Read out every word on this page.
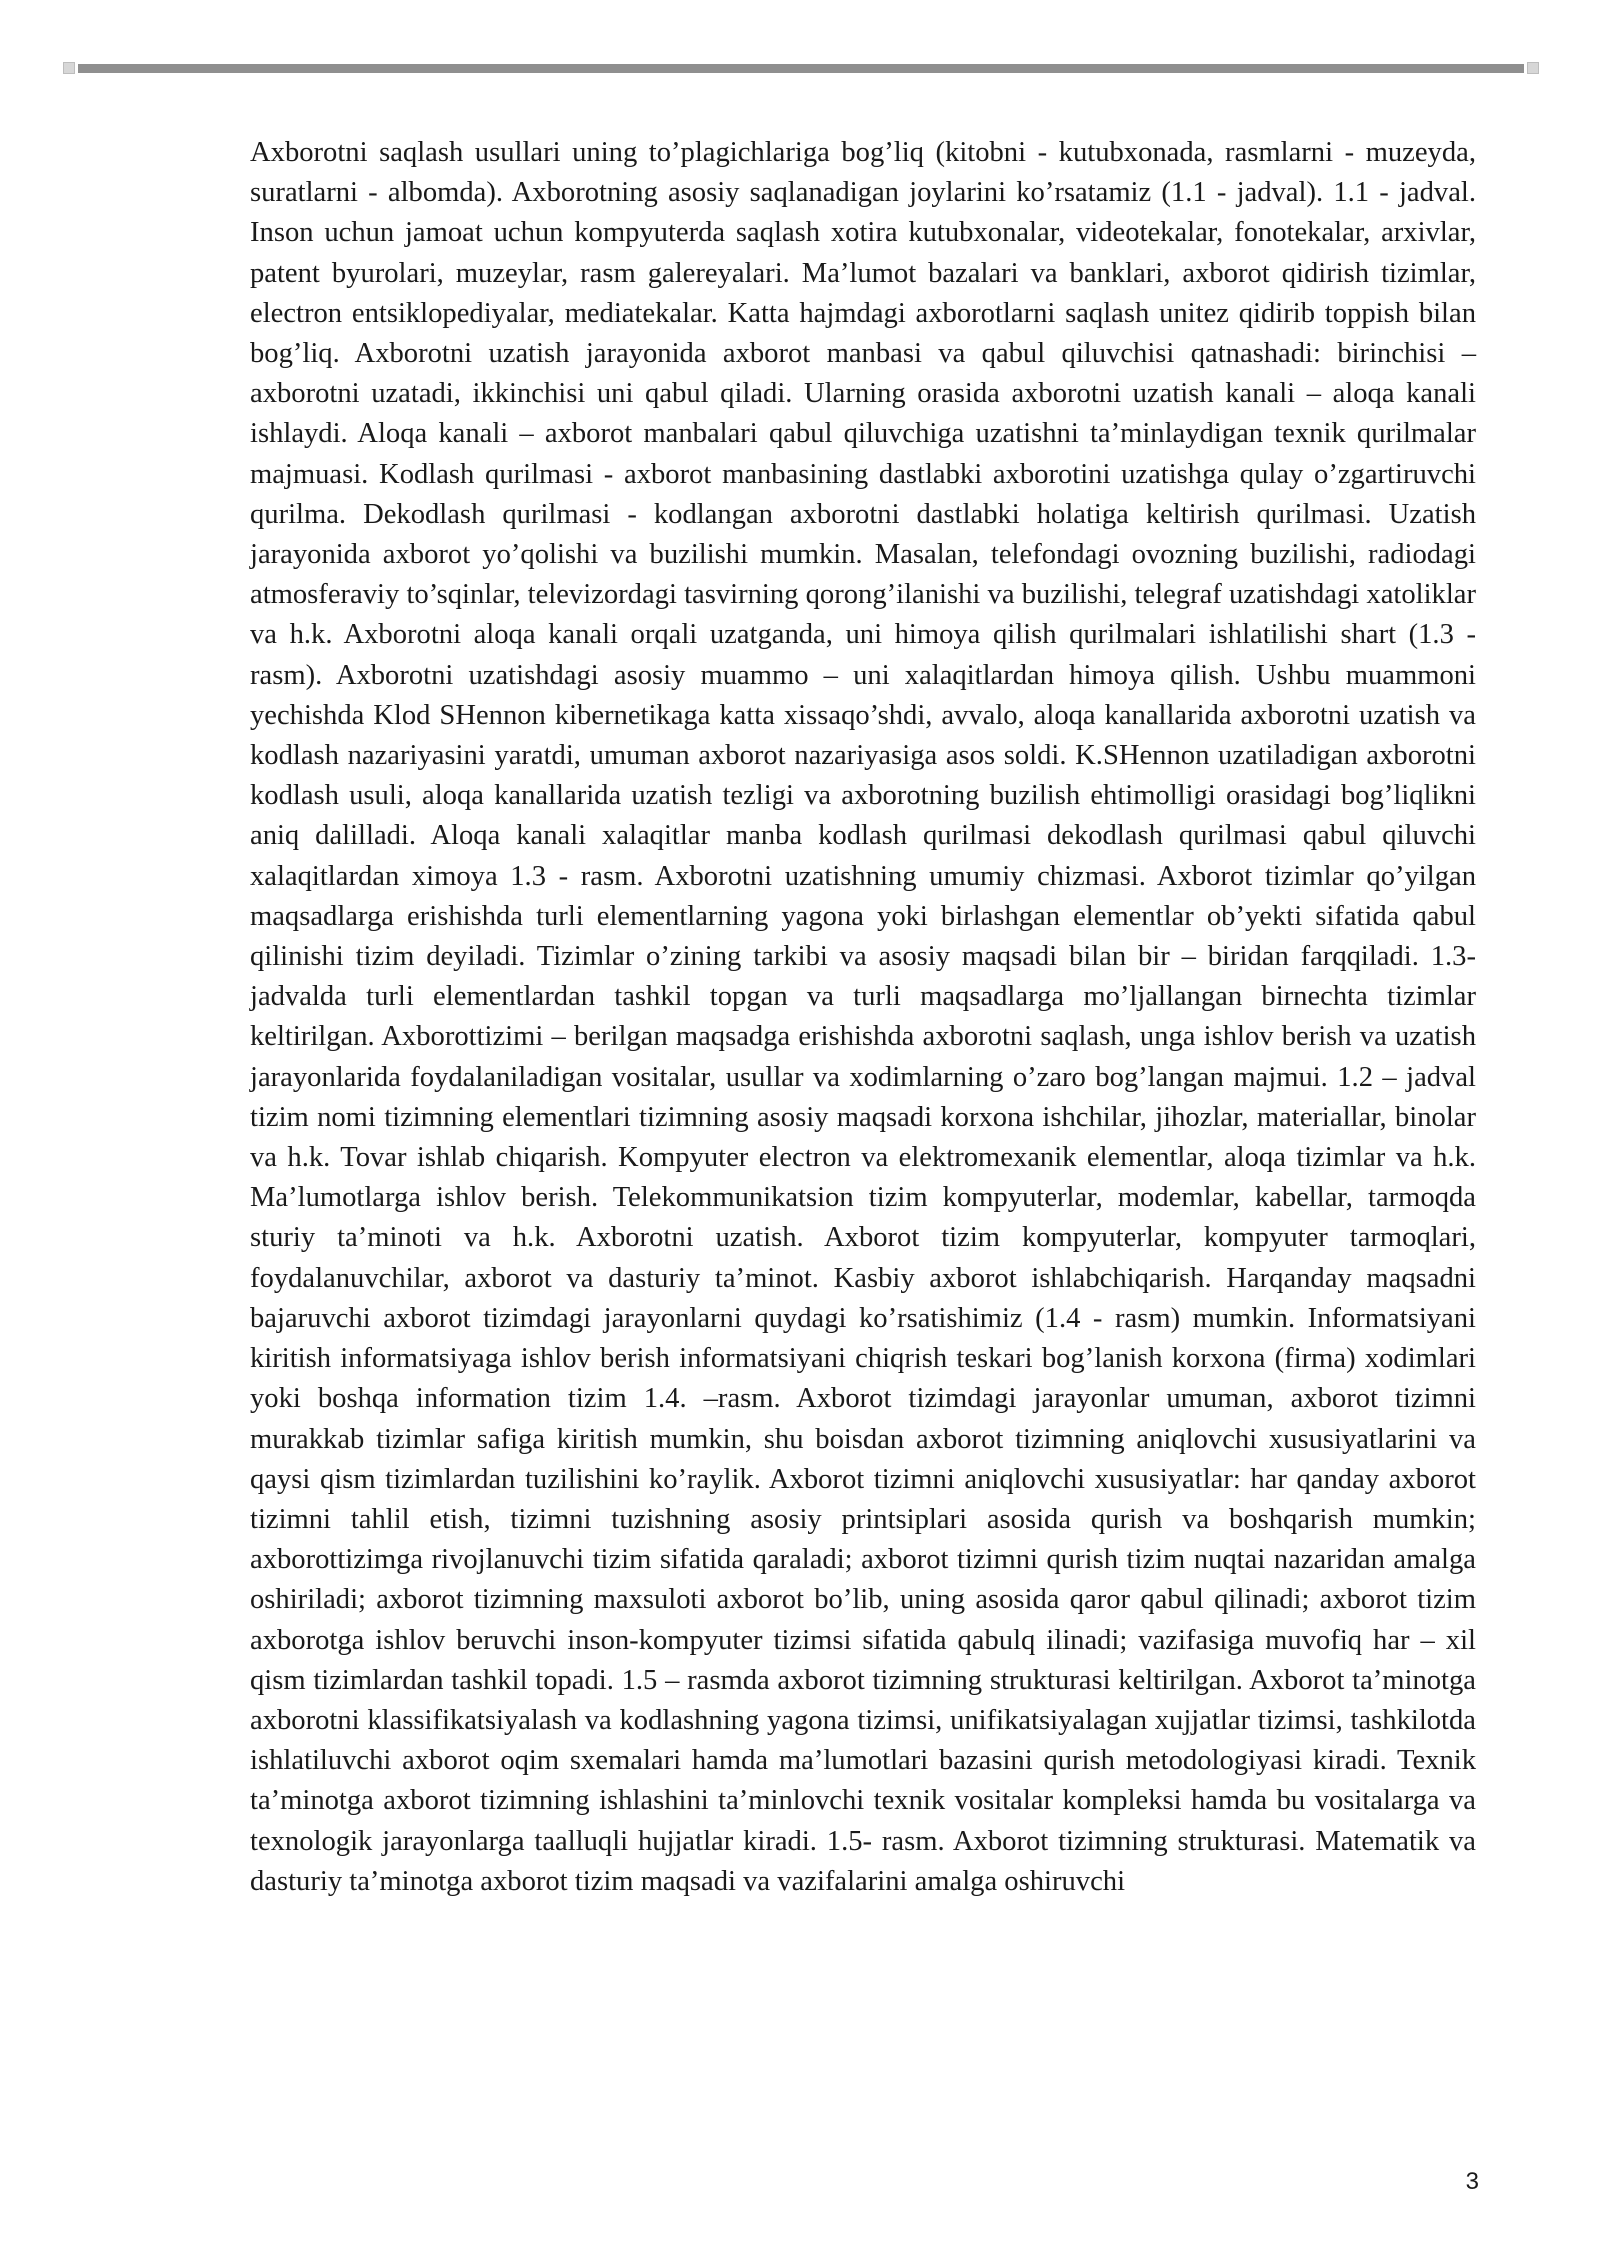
Axborotni saqlash usullari uning to’plagichlariga bog’liq (kitobni - kutubxonada, rasmlarni - muzeyda, suratlarni - albomda). Axborotning asosiy saqlanadigan joylarini ko’rsatamiz (1.1 - jadval). 1.1 - jadval. Inson uchun jamoat uchun kompyuterda saqlash xotira kutubxonalar, videotekalar, fonotekalar, arxivlar, patent byurolari, muzeylar, rasm galereyalari. Ma’lumot bazalari va banklari, axborot qidirish tizimlar, electron entsiklopediyalar, mediatekalar. Katta hajmdagi axborotlarni saqlash unitez qidirib toppish bilan bog’liq. Axborotni uzatish jarayonida axborot manbasi va qabul qiluvchisi qatnashadi: birinchisi – axborotni uzatadi, ikkinchisi uni qabul qiladi. Ularning orasida axborotni uzatish kanali – aloqa kanali ishlaydi. Aloqa kanali – axborot manbalari qabul qiluvchiga uzatishni ta’minlaydigan texnik qurilmalar majmuasi. Kodlash qurilmasi - axborot manbasining dastlabki axborotini uzatishga qulay o’zgartiruvchi qurilma. Dekodlash qurilmasi - kodlangan axborotni dastlabki holatiga keltirish qurilmasi. Uzatish jarayonida axborot yo’qolishi va buzilishi mumkin. Masalan, telefondagi ovozning buzilishi, radiodagi atmosferaviy to’sqinlar, televizordagi tasvirning qorong’ilanishi va buzilishi, telegraf uzatishdagi xatoliklar va h.k. Axborotni aloqa kanali orqali uzatganda, uni himoya qilish qurilmalari ishlatilishi shart (1.3 - rasm). Axborotni uzatishdagi asosiy muammo – uni xalaqitlardan himoya qilish. Ushbu muammoni yechishda Klod SHennon kibernetikaga katta xissaqo’shdi, avvalo, aloqa kanallarida axborotni uzatish va kodlash nazariyasini yaratdi, umuman axborot nazariyasiga asos soldi. K.SHennon uzatiladigan axborotni kodlash usuli, aloqa kanallarida uzatish tezligi va axborotning buzilish ehtimolligi orasidagi bog’liqlikni aniq dalilladi. Aloqa kanali xalaqitlar manba kodlash qurilmasi dekodlash qurilmasi qabul qiluvchi xalaqitlardan ximoya 1.3 - rasm. Axborotni uzatishning umumiy chizmasi. Axborot tizimlar qo’yilgan maqsadlarga erishishda turli elementlarning yagona yoki birlashgan elementlar ob’yekti sifatida qabul qilinishi tizim deyiladi. Tizimlar o’zining tarkibi va asosiy maqsadi bilan bir – biridan farqqiladi. 1.3-jadvalda turli elementlardan tashkil topgan va turli maqsadlarga mo’ljallangan birnechta tizimlar keltirilgan. Axborottizimi – berilgan maqsadga erishishda axborotni saqlash, unga ishlov berish va uzatish jarayonlarida foydalaniladigan vositalar, usullar va xodimlarning o’zaro bog’langan majmui. 1.2 – jadval tizim nomi tizimning elementlari tizimning asosiy maqsadi korxona ishchilar, jihozlar, materiallar, binolar va h.k. Tovar ishlab chiqarish. Kompyuter electron va elektromexanik elementlar, aloqa tizimlar va h.k. Ma’lumotlarga ishlov berish. Telekommunikatsion tizim kompyuterlar, modemlar, kabellar, tarmoqda sturiy ta’minoti va h.k. Axborotni uzatish. Axborot tizim kompyuterlar, kompyuter tarmoqlari, foydalanuvchilar, axborot va dasturiy ta’minot. Kasbiy axborot ishlabchiqarish. Harqanday maqsadni bajaruvchi axborot tizimdagi jarayonlarni quydagi ko’rsatishimiz (1.4 - rasm) mumkin. Informatsiyani kiritish informatsiyaga ishlov berish informatsiyani chiqrish teskari bog’lanish korxona (firma) xodimlari yoki boshqa information tizim 1.4. –rasm. Axborot tizimdagi jarayonlar umuman, axborot tizimni murakkab tizimlar safiga kiritish mumkin, shu boisdan axborot tizimning aniqlovchi xususiyatlarini va qaysi qism tizimlardan tuzilishini ko’raylik. Axborot tizimni aniqlovchi xususiyatlar: har qanday axborot tizimni tahlil etish, tizimni tuzishning asosiy printsiplari asosida qurish va boshqarish mumkin; axborottizimga rivojlanuvchi tizim sifatida qaraladi; axborot tizimni qurish tizim nuqtai nazaridan amalga oshiriladi; axborot tizimning maxsuloti axborot bo’lib, uning asosida qaror qabul qilinadi; axborot tizim axborotga ishlov beruvchi inson-kompyuter tizimsi sifatida qabulq ilinadi; vazifasiga muvofiq har – xil qism tizimlardan tashkil topadi. 1.5 – rasmda axborot tizimning strukturasi keltirilgan. Axborot ta’minotga axborotni klassifikatsiyalash va kodlashning yagona tizimsi, unifikatsiyalagan xujjatlar tizimsi, tashkilotda ishlatiluvchi axborot oqim sxemalari hamda ma’lumotlari bazasini qurish metodologiyasi kiradi. Texnik ta’minotga axborot tizimning ishlashini ta’minlovchi texnik vositalar kompleksi hamda bu vositalarga va texnologik jarayonlarga taalluqli hujjatlar kiradi. 1.5- rasm. Axborot tizimning strukturasi. Matematik va dasturiy ta’minotga axborot tizim maqsadi va vazifalarini amalga oshiruvchi

3
